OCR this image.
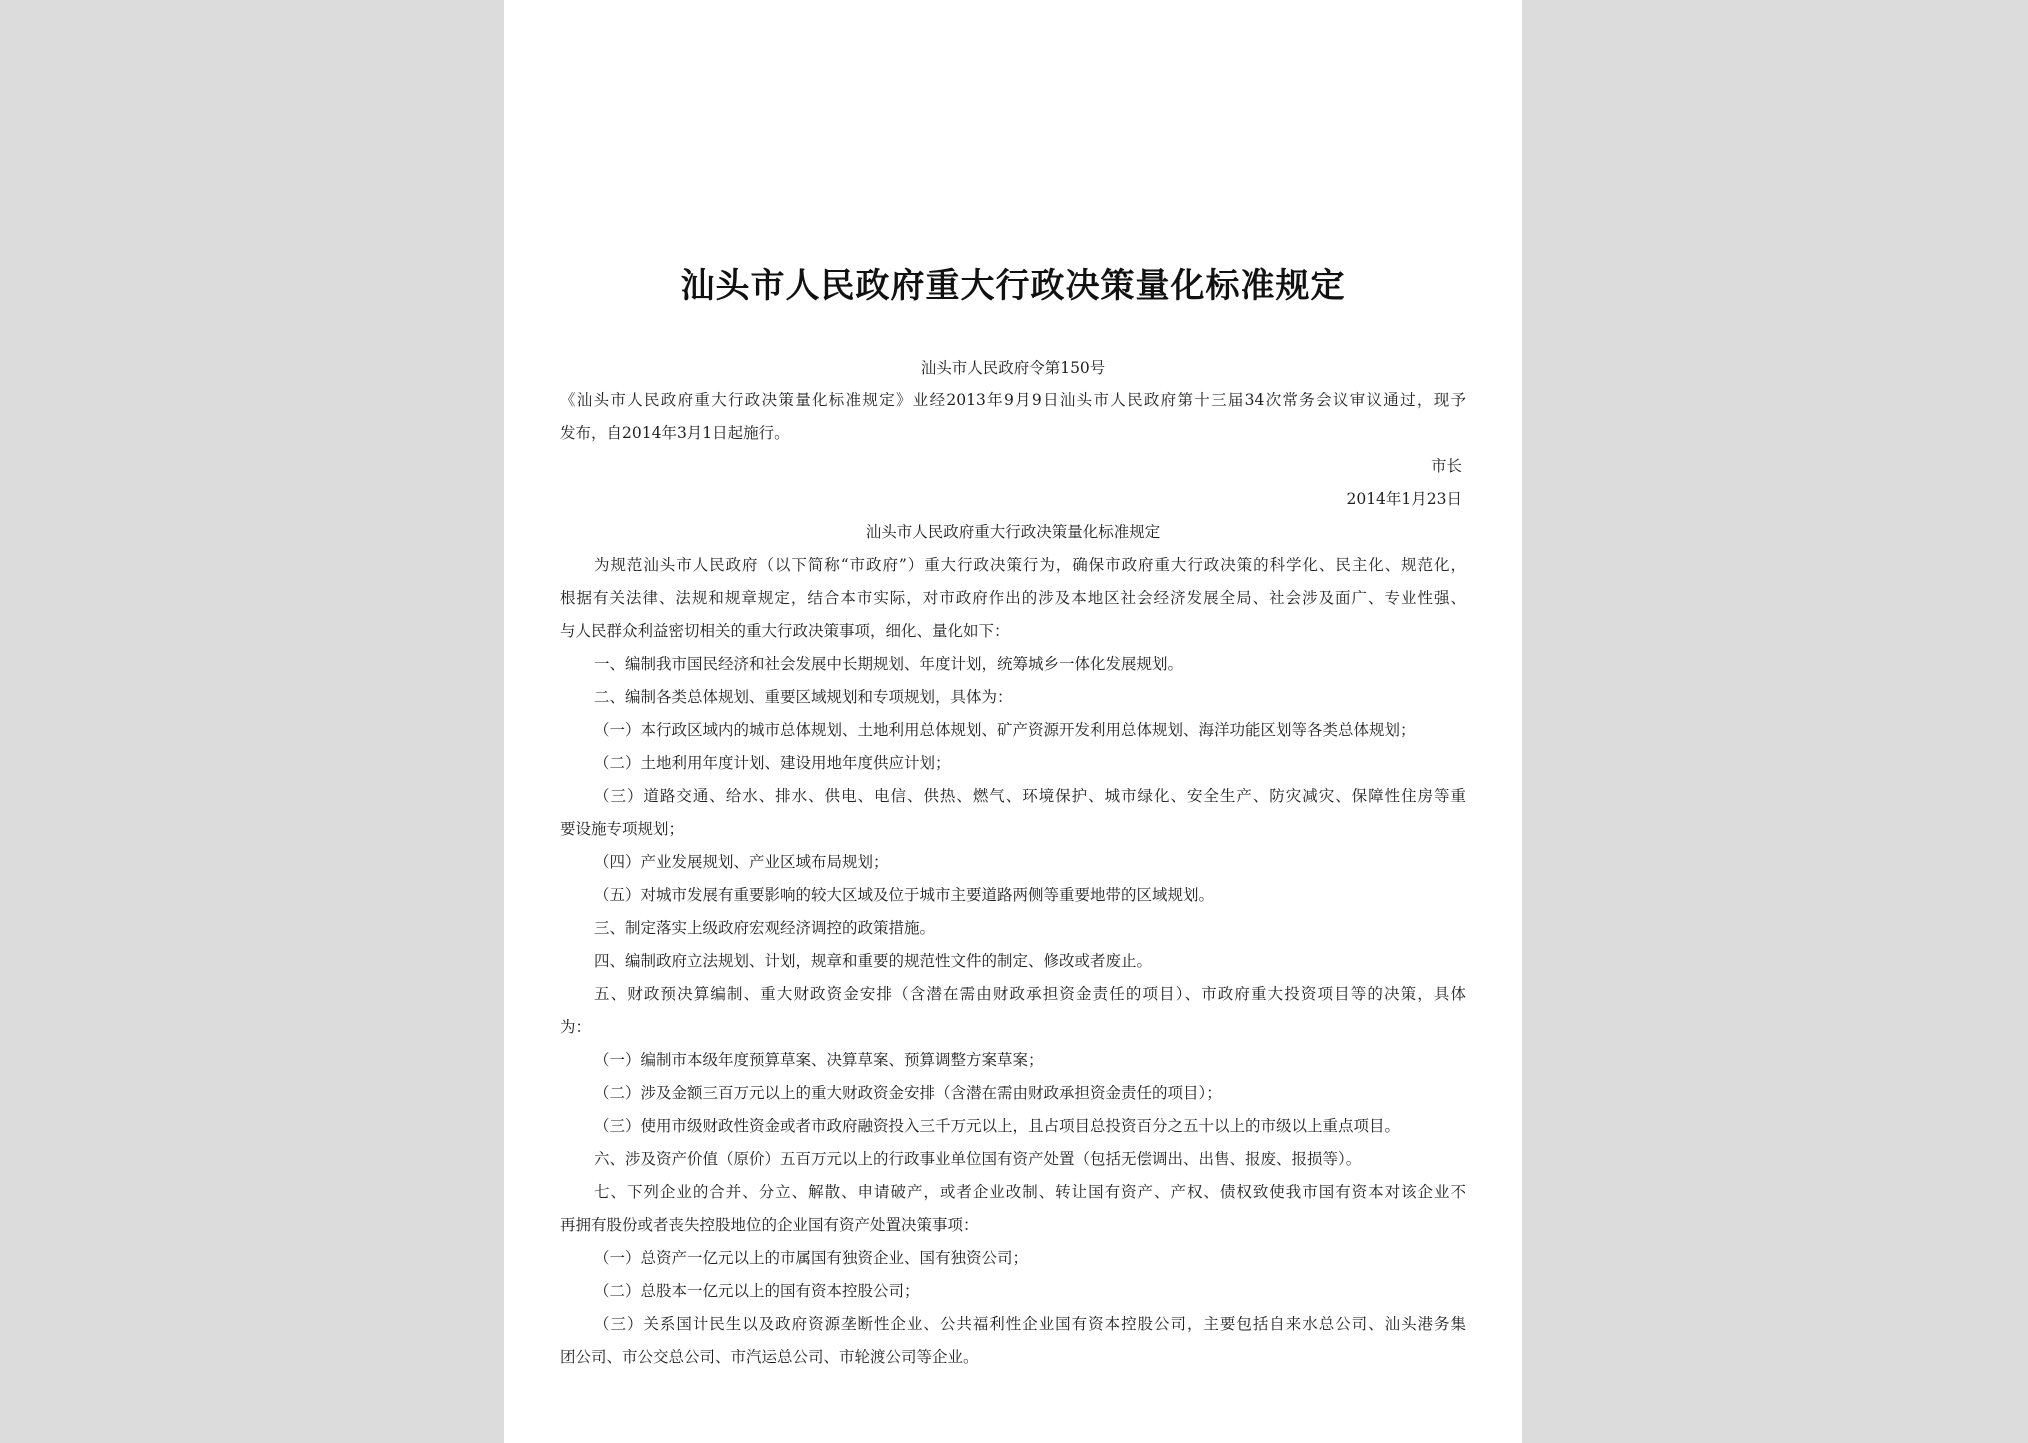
汕头市人民政府重大行政决策量化标准规定
汕头市人民政府令第150号
《汕头市人民政府重大行政决策量化标准规定》业经2013年9月9日汕头市人民政府第十三届34次常务会议审议通过，现予
发布，自2014年3月1日起施行。
市长
2014年1月23日
汕头市人民政府重大行政决策量化标准规定
为规范汕头市人民政府（以下简称“市政府”）重大行政决策行为，确保市政府重大行政决策的科学化、民主化、规范化，
根据有关法律、法规和规章规定，结合本市实际，对市政府作出的涉及本地区社会经济发展全局、社会涉及面广、专业性强、
与人民群众利益密切相关的重大行政决策事项，细化、量化如下：
一、编制我市国民经济和社会发展中长期规划、年度计划，统筹城乡一体化发展规划。
二、编制各类总体规划、重要区域规划和专项规划，具体为：
（一）本行政区域内的城市总体规划、土地利用总体规划、矿产资源开发利用总体规划、海洋功能区划等各类总体规划；
（二）土地利用年度计划、建设用地年度供应计划；
（三）道路交通、给水、排水、供电、电信、供热、燃气、环境保护、城市绿化、安全生产、防灾减灾、保障性住房等重
要设施专项规划；
（四）产业发展规划、产业区域布局规划；
（五）对城市发展有重要影响的较大区域及位于城市主要道路两侧等重要地带的区域规划。
三、制定落实上级政府宏观经济调控的政策措施。
四、编制政府立法规划、计划，规章和重要的规范性文件的制定、修改或者废止。
五、财政预决算编制、重大财政资金安排（含潜在需由财政承担资金责任的项目）、市政府重大投资项目等的决策，具体
为：
（一）编制市本级年度预算草案、决算草案、预算调整方案草案；
（二）涉及金额三百万元以上的重大财政资金安排（含潜在需由财政承担资金责任的项目）；
（三）使用市级财政性资金或者市政府融资投入三千万元以上，且占项目总投资百分之五十以上的市级以上重点项目。
六、涉及资产价值（原价）五百万元以上的行政事业单位国有资产处置（包括无偿调出、出售、报废、报损等）。
七、下列企业的合并、分立、解散、申请破产，或者企业改制、转让国有资产、产权、债权致使我市国有资本对该企业不
再拥有股份或者丧失控股地位的企业国有资产处置决策事项：
（一）总资产一亿元以上的市属国有独资企业、国有独资公司；
（二）总股本一亿元以上的国有资本控股公司；
（三）关系国计民生以及政府资源垄断性企业、公共福利性企业国有资本控股公司，主要包括自来水总公司、汕头港务集
团公司、市公交总公司、市汽运总公司、市轮渡公司等企业。
